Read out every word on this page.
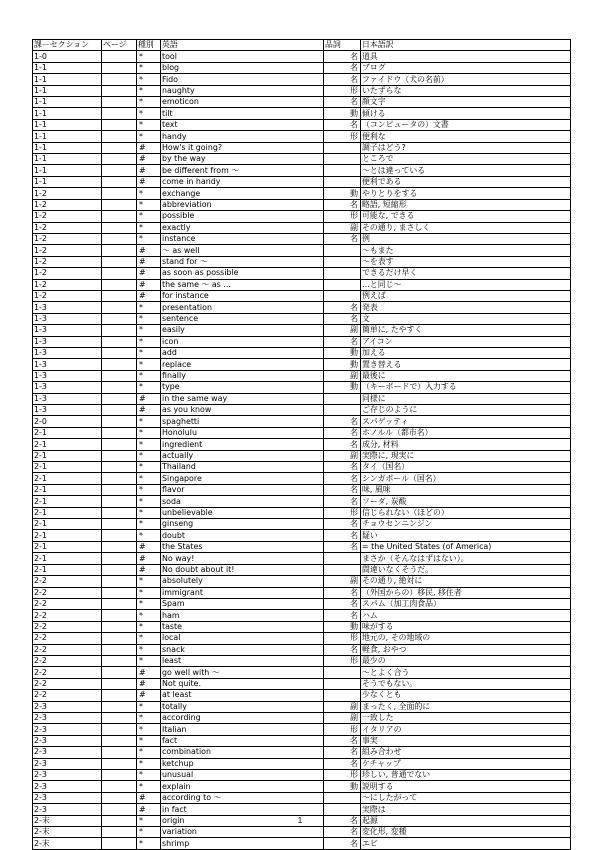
課－セクション	ページ	種別	英語	品詞	日本語訳
1-0		*	tool	名	道具
1-1		*	blog	名	ブログ
1-1		*	Fido	名	ファイドウ（犬の名前）
1-1		*	naughty	形	いたずらな
1-1		*	emoticon	名	顔文字
1-1		*	tilt	動	傾ける
1-1		*	text	名	（コンピュータの）文書
1-1		*	handy	形	便利な
1-1		#	How's it going?		調子はどう?
1-1		#	by the way		ところで
1-1		#	be different from ～		～とは違っている
1-1		#	come in handy		便利である
1-2		*	exchange	動	やりとりをする
1-2		*	abbreviation	名	略語, 短縮形
1-2		*	possible	形	可能な, できる
1-2		*	exactly	副	その通り, まさしく
1-2		*	instance	名	例
1-2		#	～ as well		～もまた
1-2		#	stand for ～		～を表す
1-2		#	as soon as possible		できるだけ早く
1-2		#	the same ～ as ...		…と同じ～
1-2		#	for instance		例えば
1-3		*	presentation	名	発表
1-3		*	sentence	名	文
1-3		*	easily	副	簡単に, たやすく
1-3		*	icon	名	アイコン
1-3		*	add	動	加える
1-3		*	replace	動	置き替える
1-3		*	finally	副	最後に
1-3		*	type	動	（キーボードで）入力する
1-3		#	in the same way		同様に
1-3		#	as you know		ご存じのように
2-0		*	spaghetti	名	スパゲッティ
2-1		*	Honolulu	名	ホノルル（都市名）
2-1		*	ingredient	名	成分, 材料
2-1		*	actually	副	実際に, 現実に
2-1		*	Thailand	名	タイ（国名）
2-1		*	Singapore	名	シンガポール（国名）
2-1		*	flavor	名	味, 風味
2-1		*	soda	名	ソーダ, 炭酸
2-1		*	unbelievable	形	信じられない（ほどの）
2-1		*	ginseng	名	チョウセンニンジン
2-1		*	doubt	名	疑い
2-1		#	the States	名	= the United States (of America)
2-1		#	No way!		まさか（そんなはずはない）。
2-1		#	No doubt about it!		間違いなくそうだ。
2-2		*	absolutely	副	その通り, 絶対に
2-2		*	immigrant	名	（外国からの）移民, 移住者
2-2		*	Spam	名	スパム（加工肉食品）
2-2		*	ham	名	ハム
2-2		*	taste	動	味がする
2-2		*	local	形	地元の, その地域の
2-2		*	snack	名	軽食, おやつ
2-2		*	least	形	最少の
2-2		#	go well with ～		～とよく合う
2-2		#	Not quite.		そうでもない。
2-2		#	at least		少なくとも
2-3		*	totally	副	まったく, 全面的に
2-3		*	according	副	一致した
2-3		*	Italian	形	イタリアの
2-3		*	fact	名	事実
2-3		*	combination	名	組み合わせ
2-3		*	ketchup	名	ケチャップ
2-3		*	unusual	形	珍しい, 普通でない
2-3		*	explain	動	説明する
2-3		#	according to ～		～にしたがって
2-3		#	in fact		実際は
2-末		*	origin	名	起源
2-末		*	variation	名	変化形, 変種
2-末		*	shrimp	名	エビ
1
